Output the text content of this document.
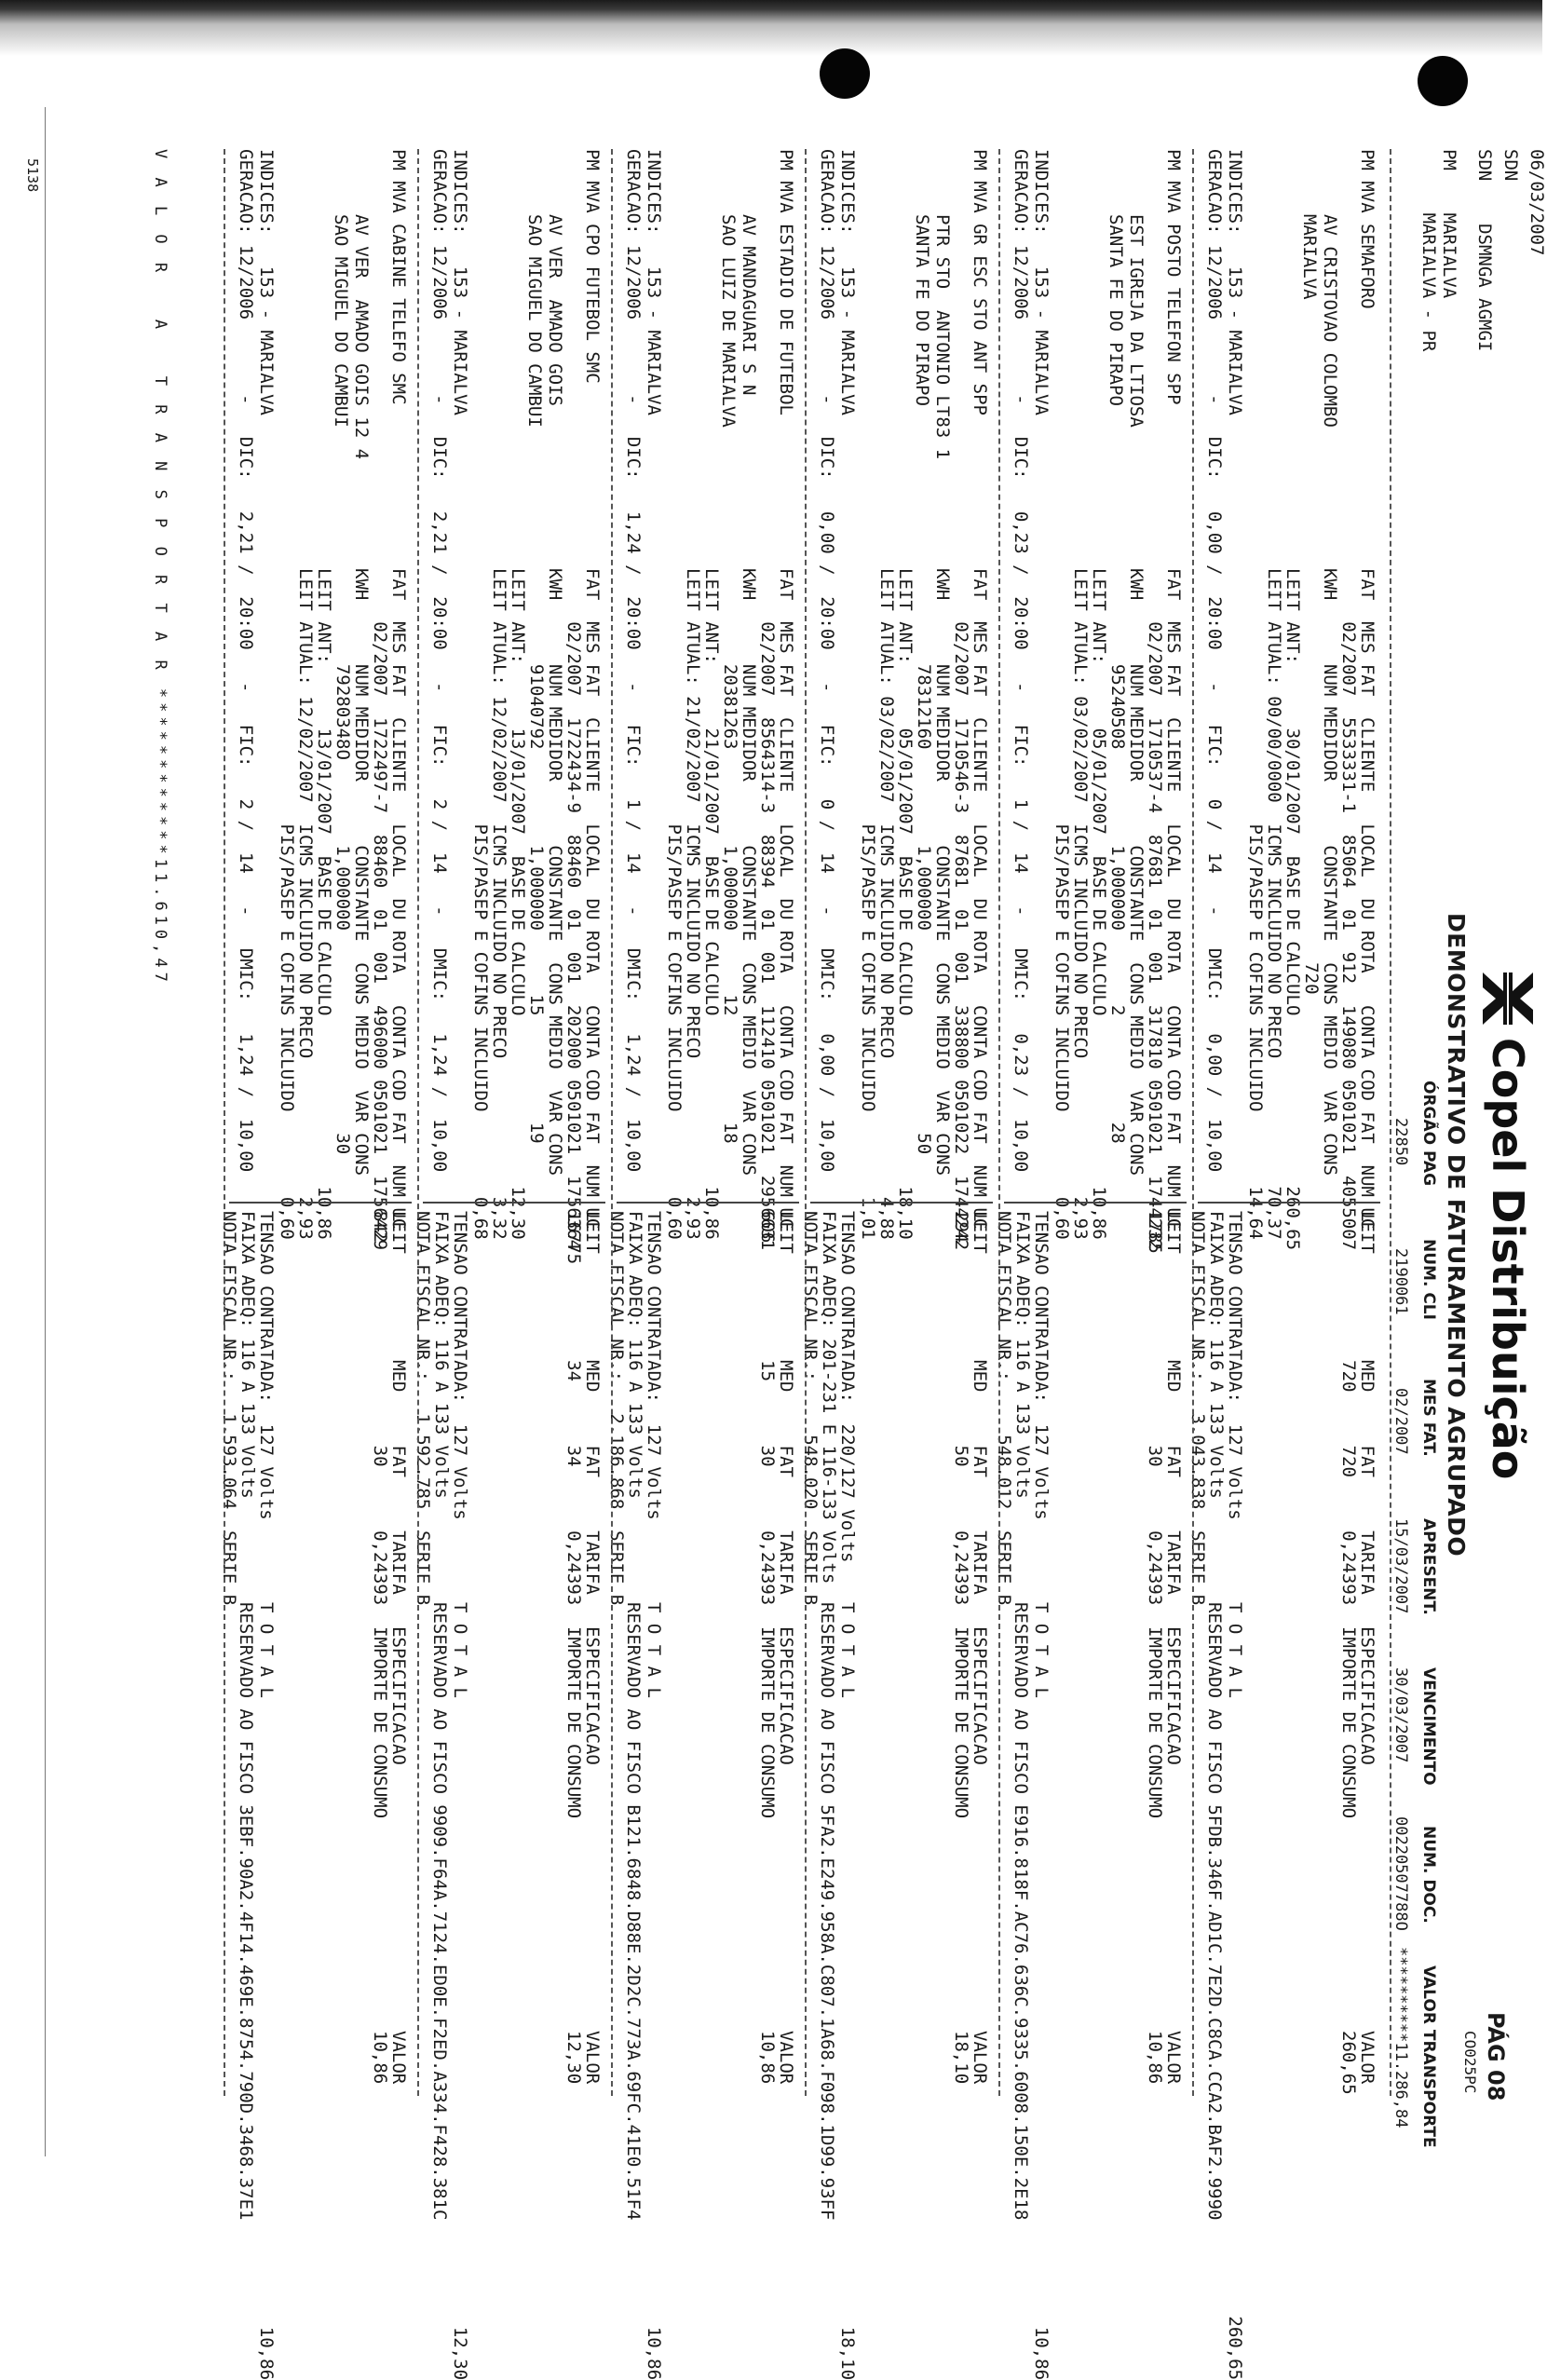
5138
Copel Distribuição
DEMONSTRATIVO DE FATURAMENTO AGRUPADO
PÁG 08
CO025PC
06/03/2007
SDN
SDN    DSMNGA AGMGI
PM    MARIALVA
MARIALVA - PR
ÓRGÃO PAG
NUM. CLI
MES FAT.
APRESENT.
VENCIMENTO
NUM. DOC.
VALOR TRANSPORTE
22850
2190061
02/2007
15/03/2007
30/03/2007
00220507788O
**********11.286,84
PM MVA SEMAFORO
AV CRISTOVAO COLOMBO
MARIALVA
FAT  MES FAT  CLIENTE   LOCAL  DU ROTA   CONTA COD FAT  NUM UC
02/2007  5533331-1  85064  01  912  149080 0501021  4055007
KWH      NUM MEDIDOR      CONSTANTE  CONS MEDIO  VAR CONS
720
LEIT ANT:      30/01/2007  BASE DE CALCULO                260,65
LEIT ATUAL: 00/00/0000  ICMS INCLUIDO NO PRECO            70,37
PIS/PASEP E COFINS INCLUIDO       14,64
LEIT          MED     FAT     TARIFA   ESPECIFICACAO
720     720     0,24393  IMPORTE DE CONSUMO
VALOR
260,65
INDICES:   153 - MARIALVA
GERACAO: 12/2006       -   DIC:   0,00 /  20:00   -   FIC:   0 /  14   -   DMIC:   0,00 /  10,00
TENSAO CONTRATADA:  127 Volts
FAIXA ADEQ: 116 A 133 Volts
NOTA FISCAL NR.:   3.043.838  SERIE B
T O T A L                                                          260,65
RESERVADO AO FISCO 5FDB.346F.AD1C.7E2D.C8CA.CCA2.BAF2.9990
PM MVA POSTO TELEFON SPP
EST IGREJA DA LTIOSA
SANTA FE DO PIRAPO
FAT  MES FAT  CLIENTE   LOCAL  DU ROTA   CONTA COD FAT  NUM UC
02/2007  1710537-4  87681  01  001  317810 0501021  1744232
KWH      NUM MEDIDOR      CONSTANTE  CONS MEDIO  VAR CONS
95240508         1,000000       2          28
LEIT ANT:      05/01/2007  BASE DE CALCULO                10,86
LEIT ATUAL: 03/02/2007  ICMS INCLUIDO NO PRECO             2,93
PIS/PASEP E COFINS INCLUIDO        0,60
LEIT          MED     FAT     TARIFA   ESPECIFICACAO
1785                  30      0,24393  IMPORTE DE CONSUMO
VALOR
10,86
INDICES:   153 - MARIALVA
GERACAO: 12/2006       -   DIC:   0,23 /  20:00   -   FIC:   1 /  14   -   DMIC:   0,23 /  10,00
TENSAO CONTRATADA:  127 Volts
FAIXA ADEQ: 116 A 133 Volts
NOTA FISCAL NR.:     548.012  SERIE B
T O T A L                                                           10,86
RESERVADO AO FISCO E916.818F.AC76.636C.9335.6008.150E.2E18
PM MVA GR ESC STO ANT SPP
PTR STO  ANTONIO LT83 1
SANTA FE DO PIRAPO
FAT  MES FAT  CLIENTE   LOCAL  DU ROTA   CONTA COD FAT  NUM UC
02/2007  1710546-3  87681  01  001  338800 0501022  1744242
KWH      NUM MEDIDOR      CONSTANTE  CONS MEDIO  VAR CONS
78312160         1,000000                   50
LEIT ANT:      05/01/2007  BASE DE CALCULO                18,10
LEIT ATUAL: 03/02/2007  ICMS INCLUIDO NO PRECO             4,88
PIS/PASEP E COFINS INCLUIDO        1,01
LEIT          MED     FAT     TARIFA   ESPECIFICACAO
294                   50      0,24393  IMPORTE DE CONSUMO
VALOR
18,10
INDICES:   153 - MARIALVA
GERACAO: 12/2006       -   DIC:   0,00 /  20:00   -   FIC:   0 /  14   -   DMIC:   0,00 /  10,00
TENSAO CONTRATADA:  220/127 Volts
FAIXA ADEQ: 201-231 E 116-133 Volts
NOTA FISCAL NR.:     548.020  SERIE B
T O T A L                                                           18,10
RESERVADO AO FISCO 5FA2.E249.958A.C807.1A68.F098.1D99.93FF
PM MVA ESTADIO DE FUTEBOL
AV MANDAGUARI S N
SAO LUIZ DE MARIALVA
FAT  MES FAT  CLIENTE   LOCAL  DU ROTA   CONTA COD FAT  NUM UC
02/2007  8564314-3  88394  01  001  112410 0501021  2956631
KWH      NUM MEDIDOR      CONSTANTE  CONS MEDIO  VAR CONS
20381263         1,000000      12          18
LEIT ANT:      21/01/2007  BASE DE CALCULO                10,86
LEIT ATUAL: 21/02/2007  ICMS INCLUIDO NO PRECO             2,93
PIS/PASEP E COFINS INCLUIDO        0,60
LEIT          MED     FAT     TARIFA   ESPECIFICACAO
606           15      30      0,24393  IMPORTE DE CONSUMO
VALOR
10,86
INDICES:   153 - MARIALVA
GERACAO: 12/2006       -   DIC:   1,24 /  20:00   -   FIC:   1 /  14   -   DMIC:   1,24 /  10,00
TENSAO CONTRATADA:  127 Volts
FAIXA ADEQ: 116 A 133 Volts
NOTA FISCAL NR.:   2.186.868  SERIE B
T O T A L                                                           10,86
RESERVADO AO FISCO B121.6848.D88E.2D2C.773A.69FC.41E0.51F4
PM MVA CPO FUTEBOL SMC
AV VER  AMADO GOIS
SAO MIGUEL DO CAMBUI
FAT  MES FAT  CLIENTE   LOCAL  DU ROTA   CONTA COD FAT  NUM UC
02/2007  1722434-9  88460  01  001  202000 0501021  1756364
KWH      NUM MEDIDOR      CONSTANTE  CONS MEDIO  VAR CONS
91040792         1,000000      15          19
LEIT ANT:      13/01/2007  BASE DE CALCULO                12,30
LEIT ATUAL: 12/02/2007  ICMS INCLUIDO NO PRECO             3,32
PIS/PASEP E COFINS INCLUIDO        0,68
LEIT          MED     FAT     TARIFA   ESPECIFICACAO
16775         34      34      0,24393  IMPORTE DE CONSUMO
VALOR
12,30
INDICES:   153 - MARIALVA
GERACAO: 12/2006       -   DIC:   2,21 /  20:00   -   FIC:   2 /  14   -   DMIC:   1,24 /  10,00
TENSAO CONTRATADA:  127 Volts
FAIXA ADEQ: 116 A 133 Volts
NOTA FISCAL NR.:   1.592.785  SERIE B
T O T A L                                                           12,30
RESERVADO AO FISCO 9909.F64A.7124.ED0E.F2ED.A334.F428.381C
PM MVA CABINE TELEFO SMC
AV VER  AMADO GOIS 12 4
SAO MIGUEL DO CAMBUI
FAT  MES FAT  CLIENTE   LOCAL  DU ROTA   CONTA COD FAT  NUM UC
02/2007  1722497-7  88460  01  001  496000 0501021  1756429
KWH      NUM MEDIDOR      CONSTANTE  CONS MEDIO  VAR CONS
79280348O        1,000000                   30
LEIT ANT:      13/01/2007  BASE DE CALCULO                10,86
LEIT ATUAL: 12/02/2007  ICMS INCLUIDO NO PRECO             2,93
PIS/PASEP E COFINS INCLUIDO        0,60
LEIT          MED     FAT     TARIFA   ESPECIFICACAO
842                   30      0,24393  IMPORTE DE CONSUMO
VALOR
10,86
INDICES:   153 - MARIALVA
GERACAO: 12/2006       -   DIC:   2,21 /  20:00   -   FIC:   2 /  14   -   DMIC:   1,24 /  10,00
TENSAO CONTRATADA:  127 Volts
FAIXA ADEQ: 116 A 133 Volts
NOTA FISCAL NR.:   1.593.064  SERIE B
T O T A L                                                           10,86
RESERVADO AO FISCO 3EBF.90A2.4F14.469E.8754.790D.3468.37E1
V A L O R   A   T R A N S P O R T A R ************11.610,47
